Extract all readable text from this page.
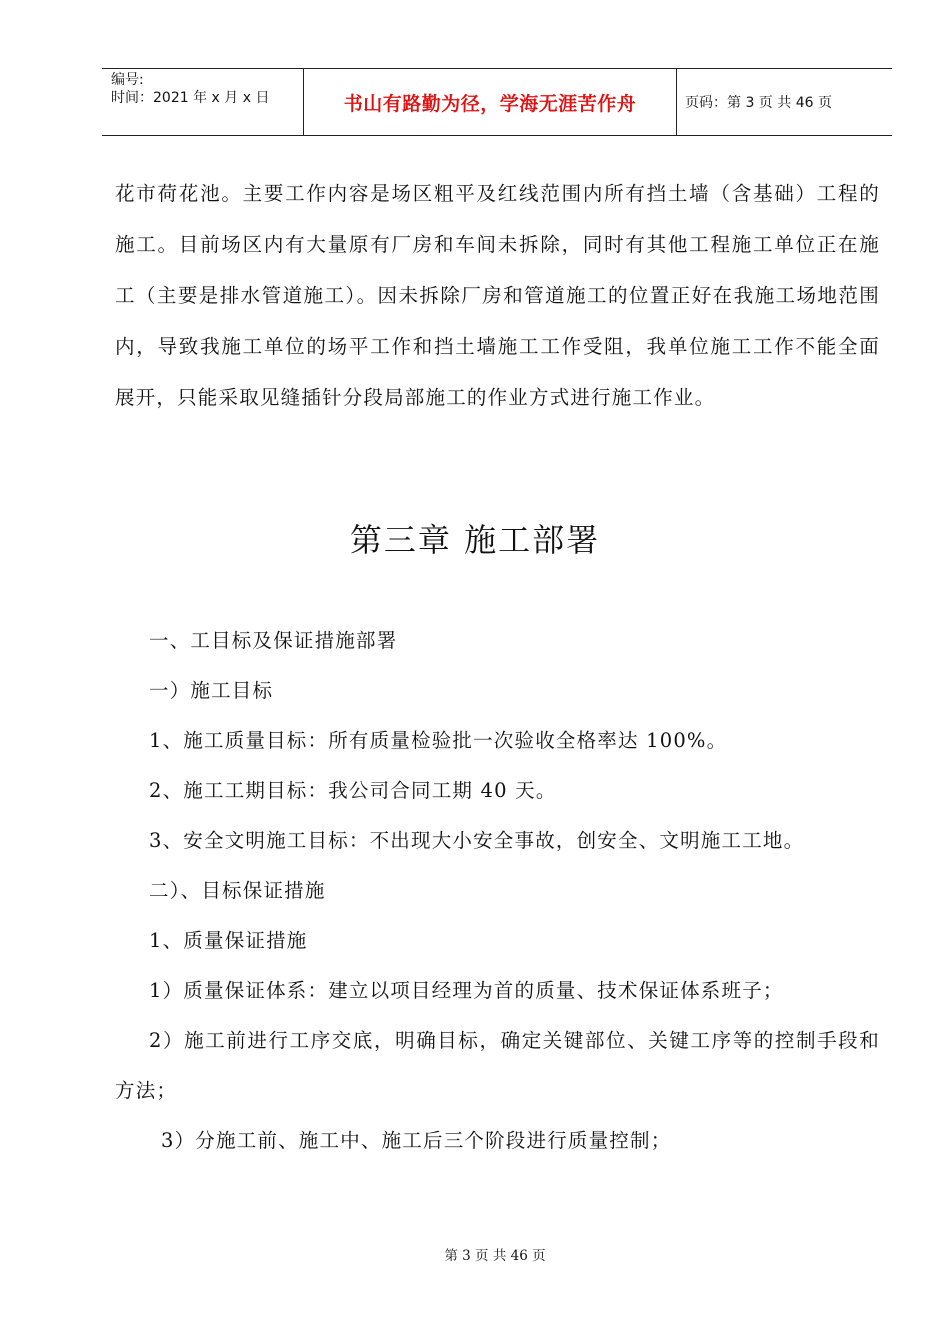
编号:
时间：2021 年 x 月 x 日	书山有路勤为径，学海无涯苦作舟	页码：第 3 页 共 46 页
花市荷花池。主要工作内容是场区粗平及红线范围内所有挡土墙（含基础）工程的施工。目前场区内有大量原有厂房和车间未拆除，同时有其他工程施工单位正在施工（主要是排水管道施工）。因未拆除厂房和管道施工的位置正好在我施工场地范围内，导致我施工单位的场平工作和挡土墙施工工作受阻，我单位施工工作不能全面展开，只能采取见缝插针分段局部施工的作业方式进行施工作业。
第三章 施工部署
一、工目标及保证措施部署
一）施工目标
1、施工质量目标：所有质量检验批一次验收全格率达 100%。
2、施工工期目标：我公司合同工期 40 天。
3、安全文明施工目标：不出现大小安全事故，创安全、文明施工工地。
二）、目标保证措施
1、质量保证措施
1）质量保证体系：建立以项目经理为首的质量、技术保证体系班子；
2）施工前进行工序交底，明确目标，确定关键部位、关键工序等的控制手段和方法；
3）分施工前、施工中、施工后三个阶段进行质量控制；
第 3 页 共 46 页
